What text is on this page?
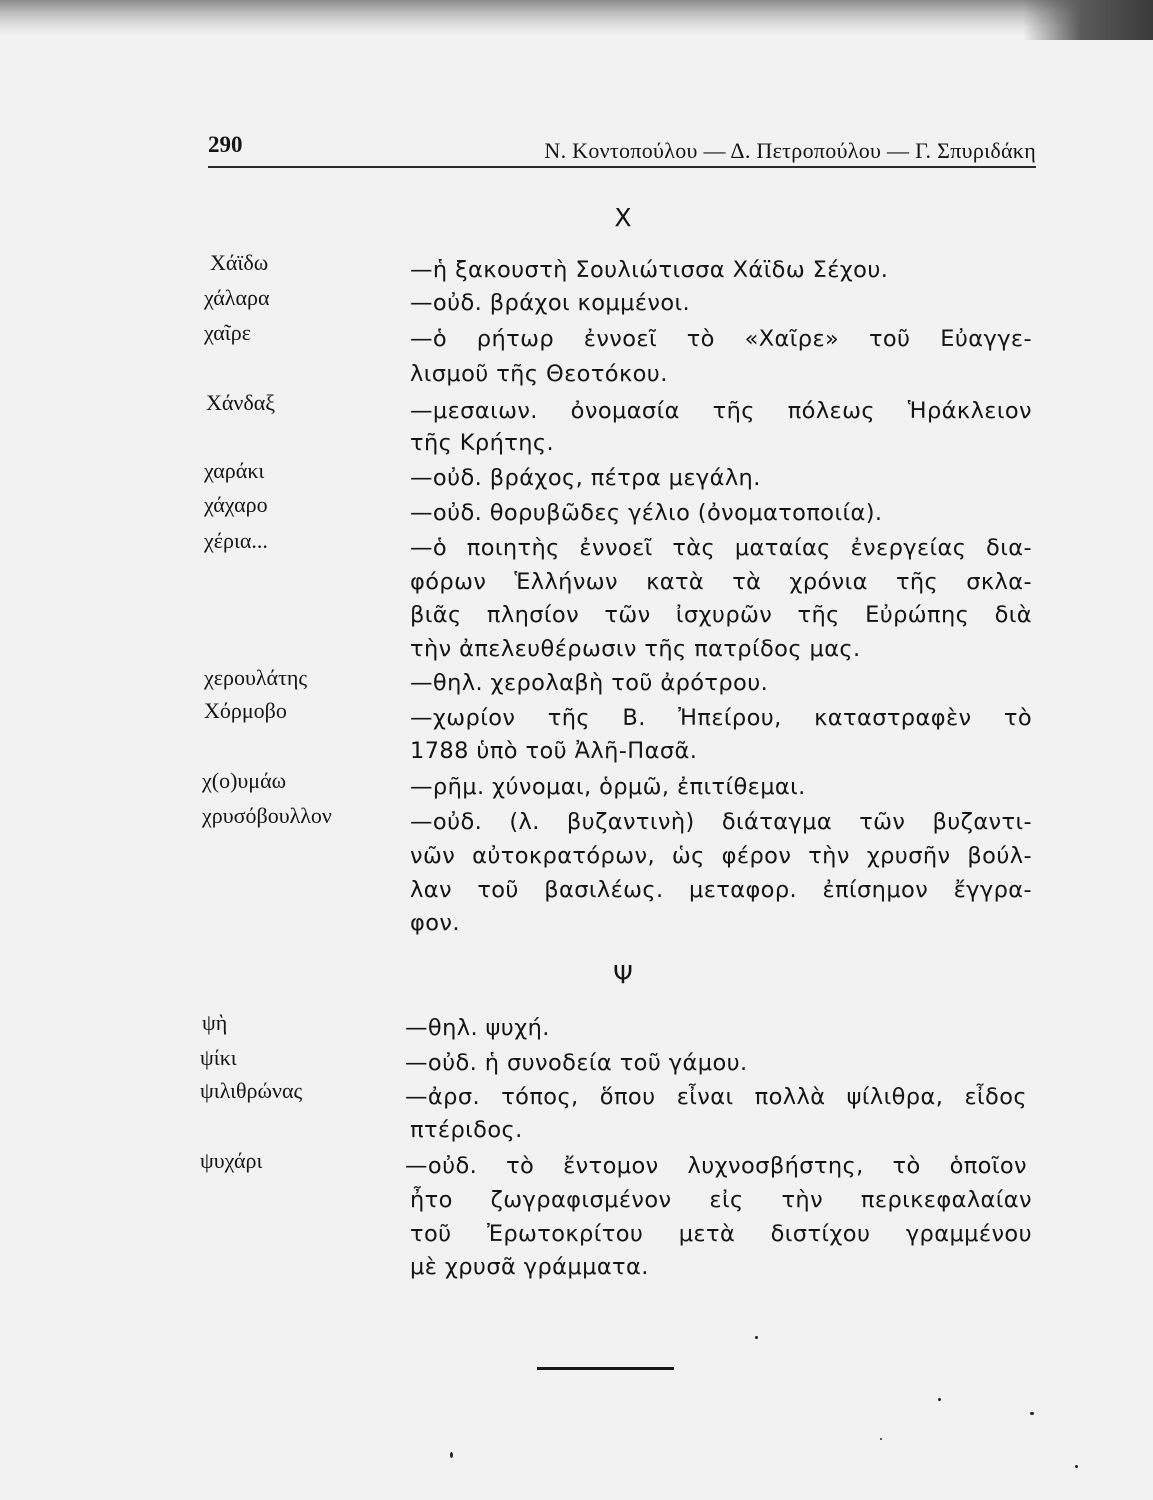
290	Ν. Κοντοπούλου — Δ. Πετροπούλου — Γ. Σπυριδάκη
Χ
Χάϊδω	—ἡ ξακουστὴ Σουλιώτισσα Χάϊδω Σέχου.
χάλαρα	—οὐδ. βράχοι κομμένοι.
χαῖρε	—ὁ ρήτωρ ἐννοεῖ τὸ «Χαῖρε» τοῦ Εὐαγγε-
λισμοῦ τῆς Θεοτόκου.
Χάνδαξ	—μεσαιων. ὀνομασία τῆς πόλεως Ἡράκλειον
τῆς Κρήτης.
χαράκι	—οὐδ. βράχος, πέτρα μεγάλη.
χάχαρο	—οὐδ. θορυβῶδες γέλιο (ὀνοματοποιία).
χέρια...	—ὁ ποιητὴς ἐννοεῖ τὰς ματαίας ἐνεργείας δια-
φόρων Ἑλλήνων κατὰ τὰ χρόνια τῆς σκλα-
βιᾶς πλησίον τῶν ἰσχυρῶν τῆς Εὐρώπης διὰ
τὴν ἀπελευθέρωσιν τῆς πατρίδος μας.
χερουλάτης	—θηλ. χερολαβὴ τοῦ ἀρότρου.
Χόρμοβο	—χωρίον τῆς Β. Ἠπείρου, καταστραφὲν τὸ
1788 ὑπὸ τοῦ Ἀλῆ-Πασᾶ.
χ(ο)υμάω	—ρῆμ. χύνομαι, ὁρμῶ, ἐπιτίθεμαι.
χρυσόβουλλον	—οὐδ. (λ. βυζαντινὴ) διάταγμα τῶν βυζαντι-
νῶν αὐτοκρατόρων, ὡς φέρον τὴν χρυσῆν βούλ-
λαν τοῦ βασιλέως. μεταφορ. ἐπίσημον ἔγγρα-
φον.
Ψ
ψὴ	—θηλ. ψυχή.
ψίκι	—οὐδ. ἡ συνοδεία τοῦ γάμου.
ψιλιθρώνας	—ἀρσ. τόπος, ὅπου εἶναι πολλὰ ψίλιθρα, εἶδος
πτέριδος.
ψυχάρι	—οὐδ. τὸ ἔντομον λυχνοσβήστης, τὸ ὁποῖον
ἦτο ζωγραφισμένον εἰς τὴν περικεφαλαίαν
τοῦ Ἐρωτοκρίτου μετὰ διστίχου γραμμένου
μὲ χρυσᾶ γράμματα.
